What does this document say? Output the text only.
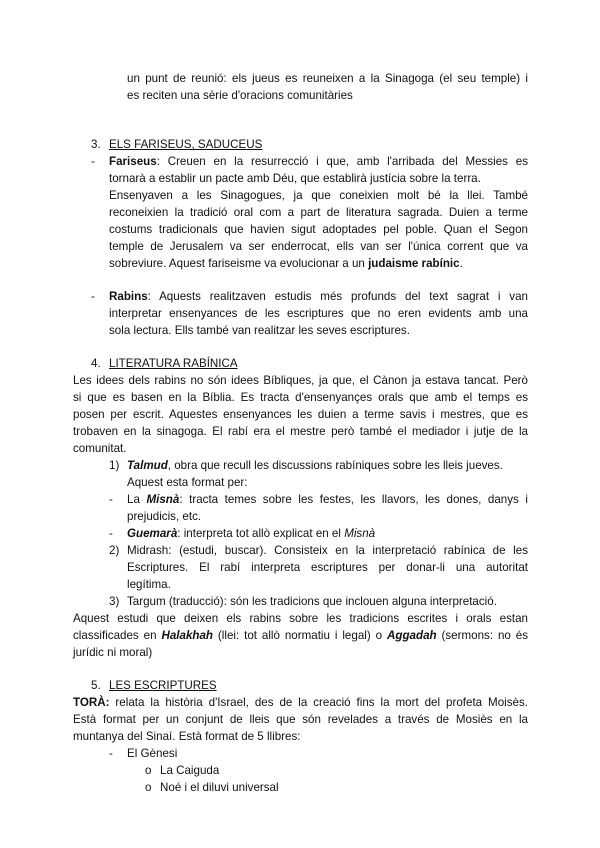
un punt de reunió: els jueus es reuneixen a la Sinagoga (el seu temple) i
es reciten una sèrie d'oracions comunitàries
3. ELS FARISEUS, SADUCEUS
- Fariseus: Creuen en la resurrecció i que, amb l'arribada del Messies es
tornarà a establir un pacte amb Déu, que establirà justícia sobre la terra.
Ensenyaven a les Sinagogues, ja que coneixien molt bé la llei. També
reconeixien la tradició oral com a part de literatura sagrada. Duien a terme
costums tradicionals que havien sigut adoptades pel poble. Quan el Segon
temple de Jerusalem va ser enderrocat, ells van ser l'única corrent que va
sobreviure. Aquest fariseisme va evolucionar a un judaisme rabínic.
- Rabins: Aquests realitzaven estudis més profunds del text sagrat i van
interpretar ensenyances de les escriptures que no eren evidents amb una
sola lectura. Ells també van realitzar les seves escriptures.
4. LITERATURA RABÍNICA
Les idees dels rabins no són idees Bíbliques, ja que, el Cànon ja estava tancat. Però
si que es basen en la Bíblia. Es tracta d'ensenyançes orals que amb el temps es
posen per escrit. Aquestes ensenyances les duien a terme savis i mestres, que es
trobaven en la sinagoga. El rabí era el mestre però també el mediador i jutje de la
comunitat.
1) Talmud, obra que recull les discussions rabíniques sobre les lleis jueves.
Aquest esta format per:
- La Misnà: tracta temes sobre les festes, les llavors, les dones, danys i
prejudicis, etc.
- Guemarà: interpreta tot allò explicat en el Misnà
2) Midrash: (estudi, buscar). Consisteix en la interpretació rabínica de les
Escriptures. El rabí interpreta escriptures per donar-li una autoritat
legítima.
3) Targum (traducció): són les tradicions que inclouen alguna interpretació.
Aquest estudi que deixen els rabins sobre les tradicions escrites i orals estan
classificades en Halakhah (llei: tot allò normatiu i legal) o Aggadah (sermons: no és
jurídic ni moral)
5. LES ESCRIPTURES
TORÀ: relata la història d'Israel, des de la creació fins la mort del profeta Moisès.
Està format per un conjunt de lleis que són revelades a través de Mosiès en la
muntanya del Sinaí. Està format de 5 llibres:
- El Gènesi
o La Caiguda
o Noé i el diluvi universal
